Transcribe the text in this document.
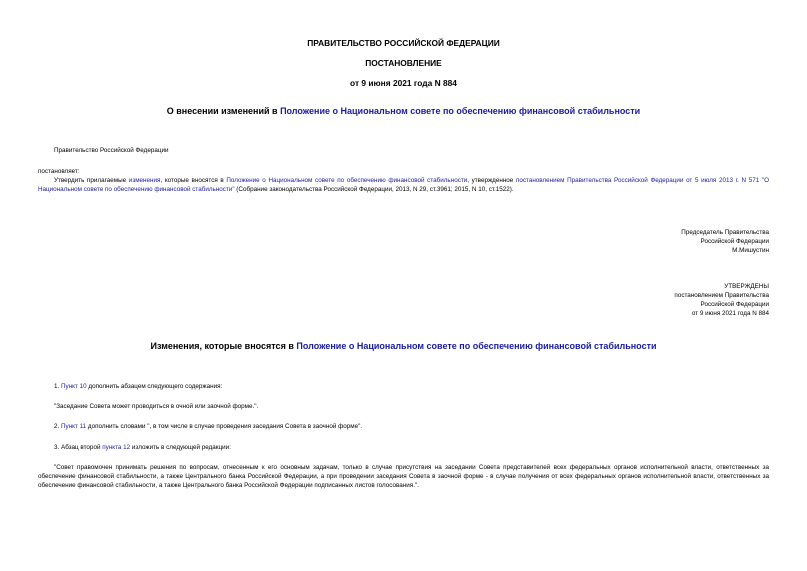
ПРАВИТЕЛЬСТВО РОССИЙСКОЙ ФЕДЕРАЦИИ
ПОСТАНОВЛЕНИЕ
от 9 июня 2021 года N 884
О внесении изменений в Положение о Национальном совете по обеспечению финансовой стабильности
Правительство Российской Федерации
постановляет:
Утвердить прилагаемые изменения, которые вносятся в Положение о Национальном совете по обеспечению финансовой стабильности, утвержденное постановлением Правительства Российской Федерации от 5 июля 2013 г. N 571 "О Национальном совете по обеспечению финансовой стабильности" (Собрание законодательства Российской Федерации, 2013, N 29, ст.3961; 2015, N 10, ст.1522).
Председатель Правительства
Российской Федерации
М.Мишустин
УТВЕРЖДЕНЫ
постановлением Правительства
Российской Федерации
от 9 июня 2021 года N 884
Изменения, которые вносятся в Положение о Национальном совете по обеспечению финансовой стабильности
1. Пункт 10 дополнить абзацем следующего содержания:
"Заседание Совета может проводиться в очной или заочной форме.".
2. Пункт 11 дополнить словами ", в том числе в случае проведения заседания Совета в заочной форме".
3. Абзац второй пункта 12 изложить в следующей редакции:
"Совет правомочен принимать решения по вопросам, отнесенным к его основным задачам, только в случае присутствия на заседании Совета представителей всех федеральных органов исполнительной власти, ответственных за обеспечение финансовой стабильности, а также Центрального банка Российской Федерации, а при проведении заседания Совета в заочной форме - в случае получения от всех федеральных органов исполнительной власти, ответственных за обеспечение финансовой стабильности, а также Центрального банка Российской Федерации подписанных листов голосования.".
